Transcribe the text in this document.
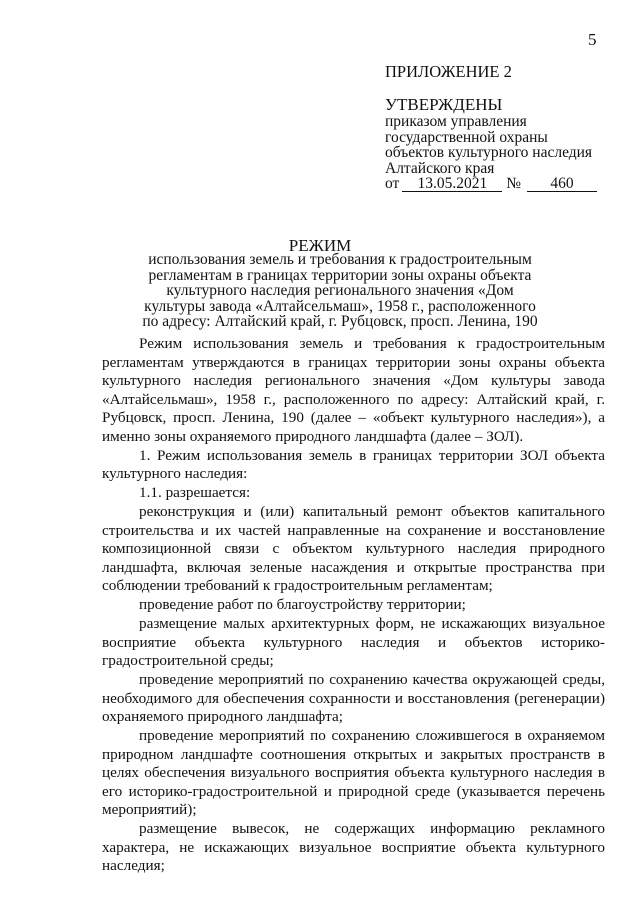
5
ПРИЛОЖЕНИЕ 2
УТВЕРЖДЕНЫ
приказом управления
государственной охраны
объектов культурного наследия
Алтайского края
от 13.05.2021 № 460
РЕЖИМ
использования земель и требования к градостроительным регламентам в границах территории зоны охраны объекта культурного наследия регионального значения «Дом культуры завода «Алтайсельмаш», 1958 г., расположенного по адресу: Алтайский край, г. Рубцовск, просп. Ленина, 190

Режим использования земель и требования к градостроительным регламентам утверждаются в границах территории зоны охраны объекта культурного наследия регионального значения «Дом культуры завода «Алтайсельмаш», 1958 г., расположенного по адресу: Алтайский край, г. Рубцовск, просп. Ленина, 190 (далее – «объект культурного наследия»), а именно зоны охраняемого природного ландшафта (далее – ЗОЛ).

1. Режим использования земель в границах территории ЗОЛ объекта культурного наследия:

1.1. разрешается:

реконструкция и (или) капитальный ремонт объектов капитального строительства и их частей направленные на сохранение и восстановление композиционной связи с объектом культурного наследия природного ландшафта, включая зеленые насаждения и открытые пространства при соблюдении требований к градостроительным регламентам;

проведение работ по благоустройству территории;

размещение малых архитектурных форм, не искажающих визуальное восприятие объекта культурного наследия и объектов историко-градостроительной среды;

проведение мероприятий по сохранению качества окружающей среды, необходимого для обеспечения сохранности и восстановления (регенерации) охраняемого природного ландшафта;

проведение мероприятий по сохранению сложившегося в охраняемом природном ландшафте соотношения открытых и закрытых пространств в целях обеспечения визуального восприятия объекта культурного наследия в его историко-градостроительной и природной среде (указывается перечень мероприятий);

размещение вывесок, не содержащих информацию рекламного характера, не искажающих визуальное восприятие объекта культурного наследия;
